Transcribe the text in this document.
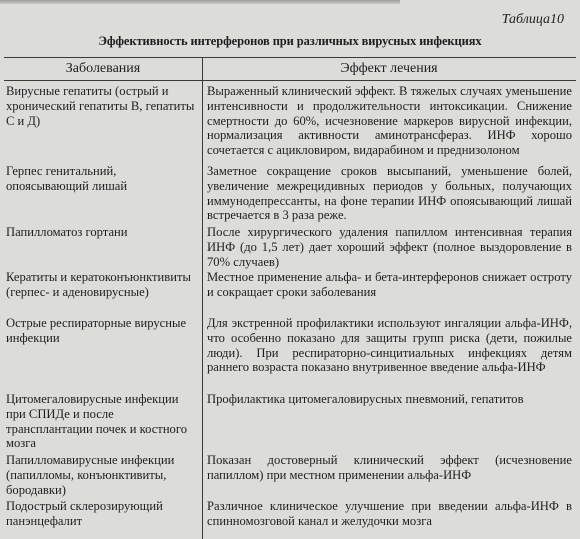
Таблица10
Эффективность интерферонов при различных вирусных инфекциях
Заболевания	Эффект лечения
Вирусные гепатиты (острый и хронический гепатиты В, гепатиты С и Д)
Выраженный клинический эффект. В тяжелых случаях уменьшение интенсивности и продолжительности интоксикации. Снижение смертности до 60%, исчезновение маркеров вирусной инфекции, нормализация активности аминотрансфераз. ИНФ хорошо сочетается с ацикловиром, видарабином и преднизолоном
Герпес генитальний, опоясывающий лишай
Заметное сокращение сроков высыпаний, уменьшение болей, увеличение межрецидивных периодов у больных, получающих иммунодепрессанты, на фоне терапии ИНФ опоясывающий лишай встречается в 3 раза реже.
Папилломатоз гортани	После хирургического удаления папиллом интенсивная терапия ИНФ (до 1,5 лет) дает хороший эффект (полное выздоровление в 70% случаев)
Кератиты и кератоконъюнктивиты (герпес- и аденовирусные)
Местное применение альфа- и бета-интерферонов снижает остроту и сокращает сроки заболевания
Острые респираторные вирусные инфекции
Для экстренной профилактики используют ингаляции альфа-ИНФ, что особенно показано для защиты групп риска (дети, пожилые люди). При респираторно-синцитиальных инфекциях детям раннего возраста показано внутривенное введение альфа-ИНФ
Цитомегаловирусные инфекции при СПИДе и после трансплантации почек и костного мозга
Профилактика цитомегаловирусных пневмоний, гепатитов
Папилломавирусные инфекции (папилломы, конъюнктивиты, бородавки)
Показан достоверный клинический эффект (исчезновение папиллом) при местном применении альфа-ИНФ
Подострый склерозирующий панэнцефалит
Различное клиническое улучшение при введении альфа-ИНФ в спинномозговой канал и желудочки мозга
